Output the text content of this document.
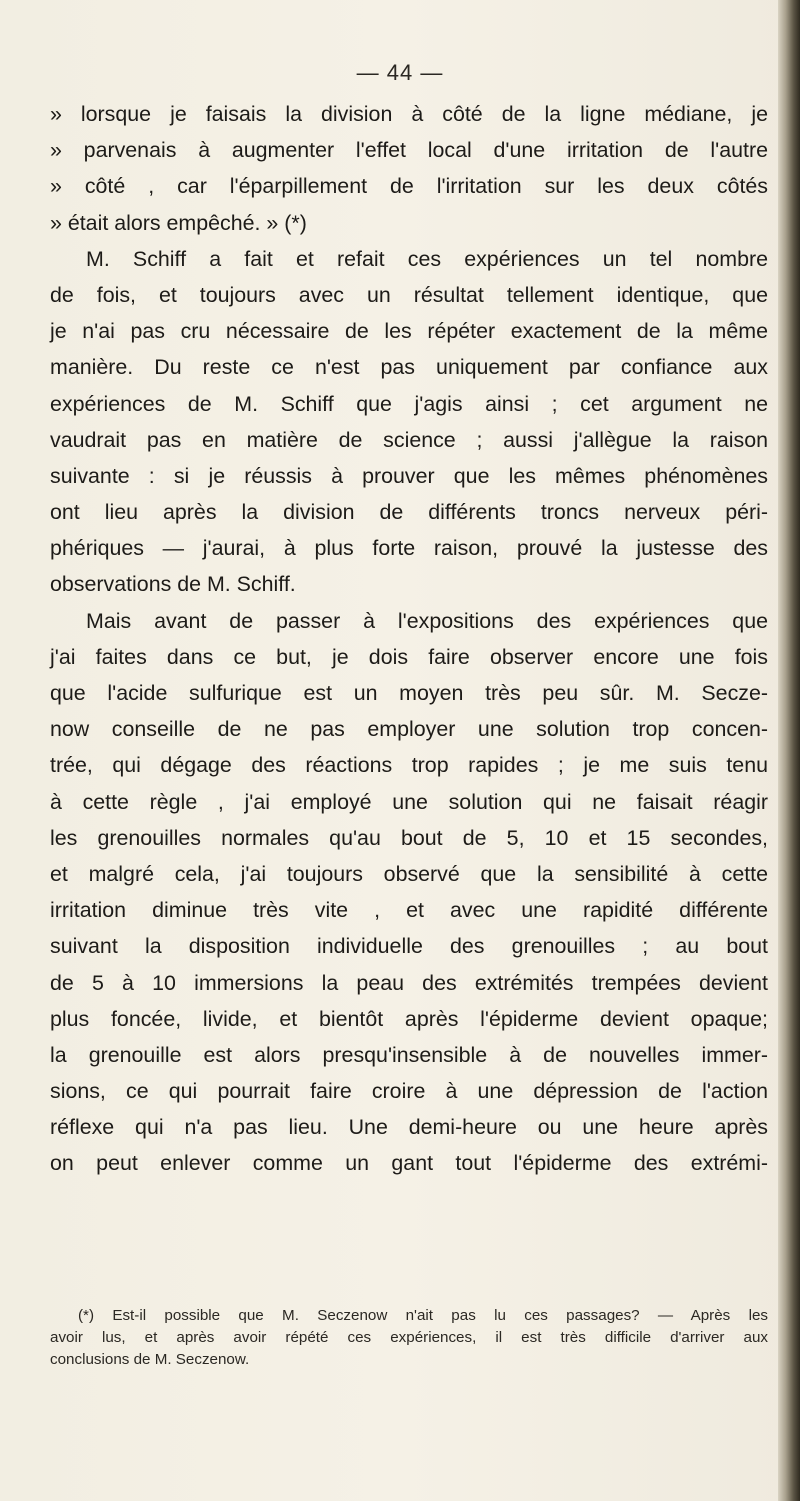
— 44 —
» lorsque je faisais la division à côté de la ligne médiane, je
» parvenais à augmenter l'effet local d'une irritation de l'autre
» côté , car l'éparpillement de l'irritation sur les deux côtés
» était alors empêché. » (*)
M. Schiff a fait et refait ces expériences un tel nombre
de fois, et toujours avec un résultat tellement identique, que
je n'ai pas cru nécessaire de les répéter exactement de la même
manière. Du reste ce n'est pas uniquement par confiance aux
expériences de M. Schiff que j'agis ainsi ; cet argument ne
vaudrait pas en matière de science ; aussi j'allègue la raison
suivante : si je réussis à prouver que les mêmes phénomènes
ont lieu après la division de différents troncs nerveux péri-
phériques — j'aurai, à plus forte raison, prouvé la justesse des
observations de M. Schiff.
Mais avant de passer à l'expositions des expériences que
j'ai faites dans ce but, je dois faire observer encore une fois
que l'acide sulfurique est un moyen très peu sûr. M. Secze-
now conseille de ne pas employer une solution trop concen-
trée, qui dégage des réactions trop rapides ; je me suis tenu
à cette règle , j'ai employé une solution qui ne faisait réagir
les grenouilles normales qu'au bout de 5, 10 et 15 secondes,
et malgré cela, j'ai toujours observé que la sensibilité à cette
irritation diminue très vite , et avec une rapidité différente
suivant la disposition individuelle des grenouilles ; au bout
de 5 à 10 immersions la peau des extrémités trempées devient
plus foncée, livide, et bientôt après l'épiderme devient opaque;
la grenouille est alors presqu'insensible à de nouvelles immer-
sions, ce qui pourrait faire croire à une dépression de l'action
réflexe qui n'a pas lieu. Une demi-heure ou une heure après
on peut enlever comme un gant tout l'épiderme des extrémi-
(*) Est-il possible que M. Seczenow n'ait pas lu ces passages? — Après les
avoir lus, et après avoir répété ces expériences, il est très difficile d'arriver aux
conclusions de M. Seczenow.
